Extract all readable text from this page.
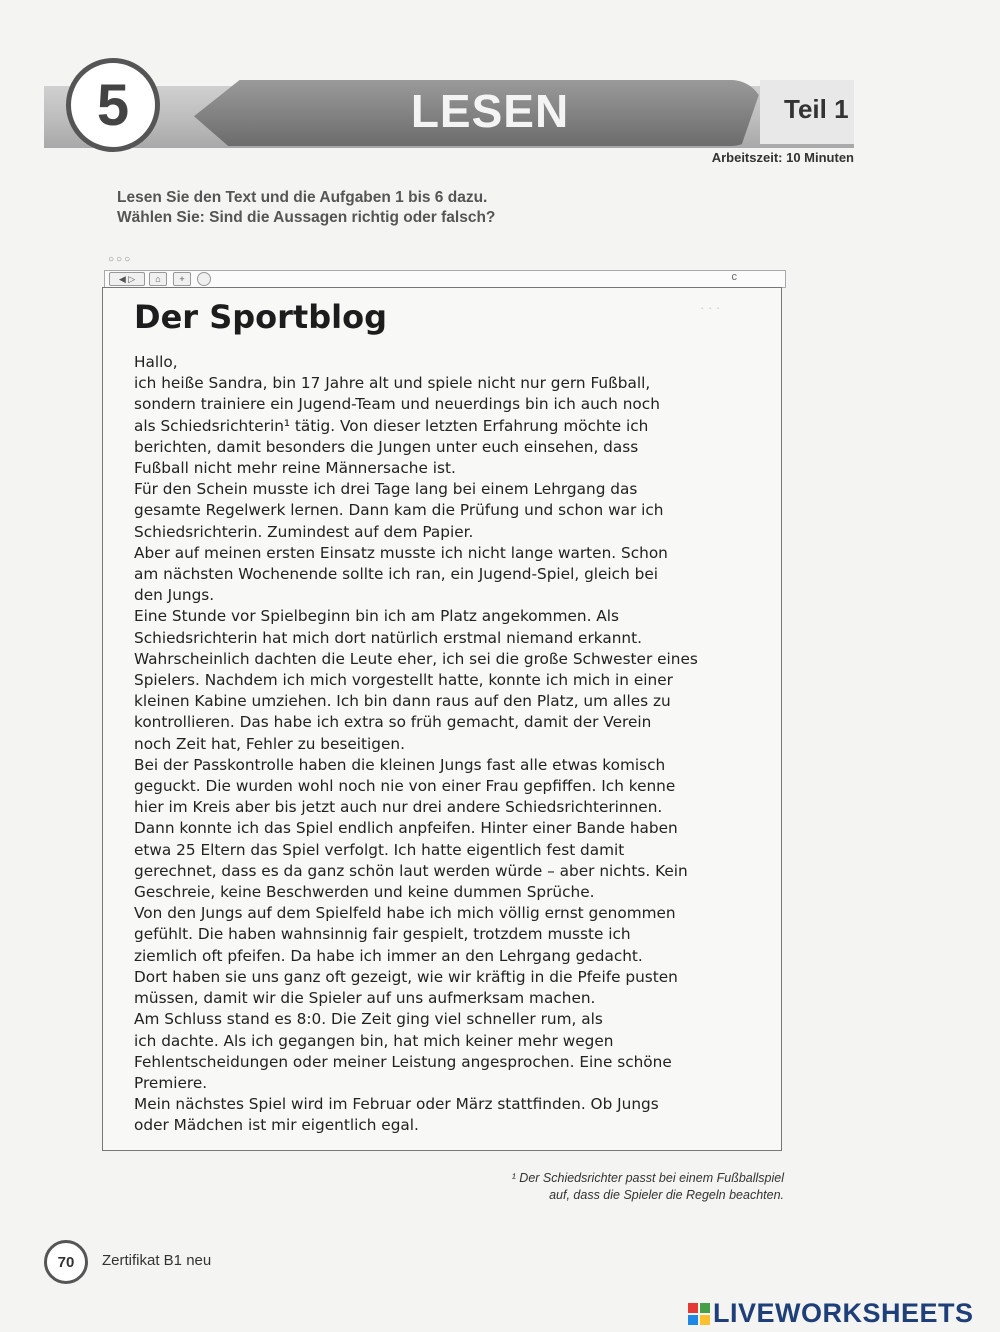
5	LESEN	Teil 1
Arbeitszeit: 10 Minuten
Lesen Sie den Text und die Aufgaben 1 bis 6 dazu.
Wählen Sie: Sind die Aussagen richtig oder falsch?
○○○
◀ ▷	⌂	+	c
Der Sportblog
Hallo,
ich heiße Sandra, bin 17 Jahre alt und spiele nicht nur gern Fußball,
sondern trainiere ein Jugend-Team und neuerdings bin ich auch noch
als Schiedsrichterin¹ tätig. Von dieser letzten Erfahrung möchte ich
berichten, damit besonders die Jungen unter euch einsehen, dass
Fußball nicht mehr reine Männersache ist.
Für den Schein musste ich drei Tage lang bei einem Lehrgang das
gesamte Regelwerk lernen. Dann kam die Prüfung und schon war ich
Schiedsrichterin. Zumindest auf dem Papier.
Aber auf meinen ersten Einsatz musste ich nicht lange warten. Schon
am nächsten Wochenende sollte ich ran, ein Jugend-Spiel, gleich bei
den Jungs.
Eine Stunde vor Spielbeginn bin ich am Platz angekommen. Als
Schiedsrichterin hat mich dort natürlich erstmal niemand erkannt.
Wahrscheinlich dachten die Leute eher, ich sei die große Schwester eines
Spielers. Nachdem ich mich vorgestellt hatte, konnte ich mich in einer
kleinen Kabine umziehen. Ich bin dann raus auf den Platz, um alles zu
kontrollieren. Das habe ich extra so früh gemacht, damit der Verein
noch Zeit hat, Fehler zu beseitigen.
Bei der Passkontrolle haben die kleinen Jungs fast alle etwas komisch
geguckt. Die wurden wohl noch nie von einer Frau gepfiffen. Ich kenne
hier im Kreis aber bis jetzt auch nur drei andere Schiedsrichterinnen.
Dann konnte ich das Spiel endlich anpfeifen. Hinter einer Bande haben
etwa 25 Eltern das Spiel verfolgt. Ich hatte eigentlich fest damit
gerechnet, dass es da ganz schön laut werden würde – aber nichts. Kein
Geschreie, keine Beschwerden und keine dummen Sprüche.
Von den Jungs auf dem Spielfeld habe ich mich völlig ernst genommen
gefühlt. Die haben wahnsinnig fair gespielt, trotzdem musste ich
ziemlich oft pfeifen. Da habe ich immer an den Lehrgang gedacht.
Dort haben sie uns ganz oft gezeigt, wie wir kräftig in die Pfeife pusten
müssen, damit wir die Spieler auf uns aufmerksam machen.
Am Schluss stand es 8:0. Die Zeit ging viel schneller rum, als
ich dachte. Als ich gegangen bin, hat mich keiner mehr wegen
Fehlentscheidungen oder meiner Leistung angesprochen. Eine schöne
Premiere.
Mein nächstes Spiel wird im Februar oder März stattfinden. Ob Jungs
oder Mädchen ist mir eigentlich egal.
· · ·
¹ Der Schiedsrichter passt bei einem Fußballspiel
auf, dass die Spieler die Regeln beachten.
70	Zertifikat B1 neu
LIVEWORKSHEETS
